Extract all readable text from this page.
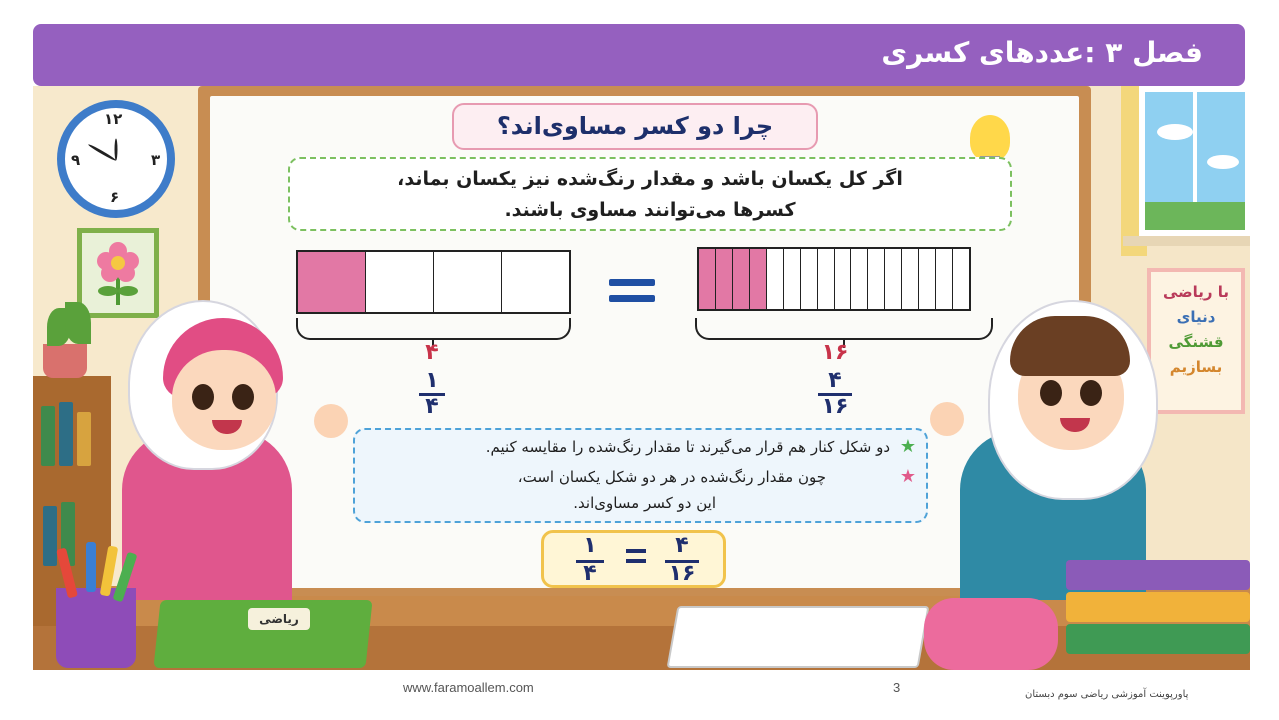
فصل ۳ :عددهای کسری
۱۲
۳
۶
۹
با ریاضی
دنیای
قشنگی
بسازیم
چرا دو کسر مساوی‌اند؟
اگر کل یکسان باشد و مقدار رنگ‌شده نیز یکسان بماند،
کسرها می‌توانند مساوی باشند.
۴
۱
۴
۱۶
۴
۱۶
★
دو شکل کنار هم قرار می‌گیرند تا مقدار رنگ‌شده را مقایسه کنیم.
★
چون مقدار رنگ‌شده در هر دو شکل یکسان است،
این دو کسر مساوی‌اند.
۱
۴
۴
۱۶
ریاضی
www.faramoallem.com	3	پاورپوینت آموزشی ریاضی سوم دبستان
